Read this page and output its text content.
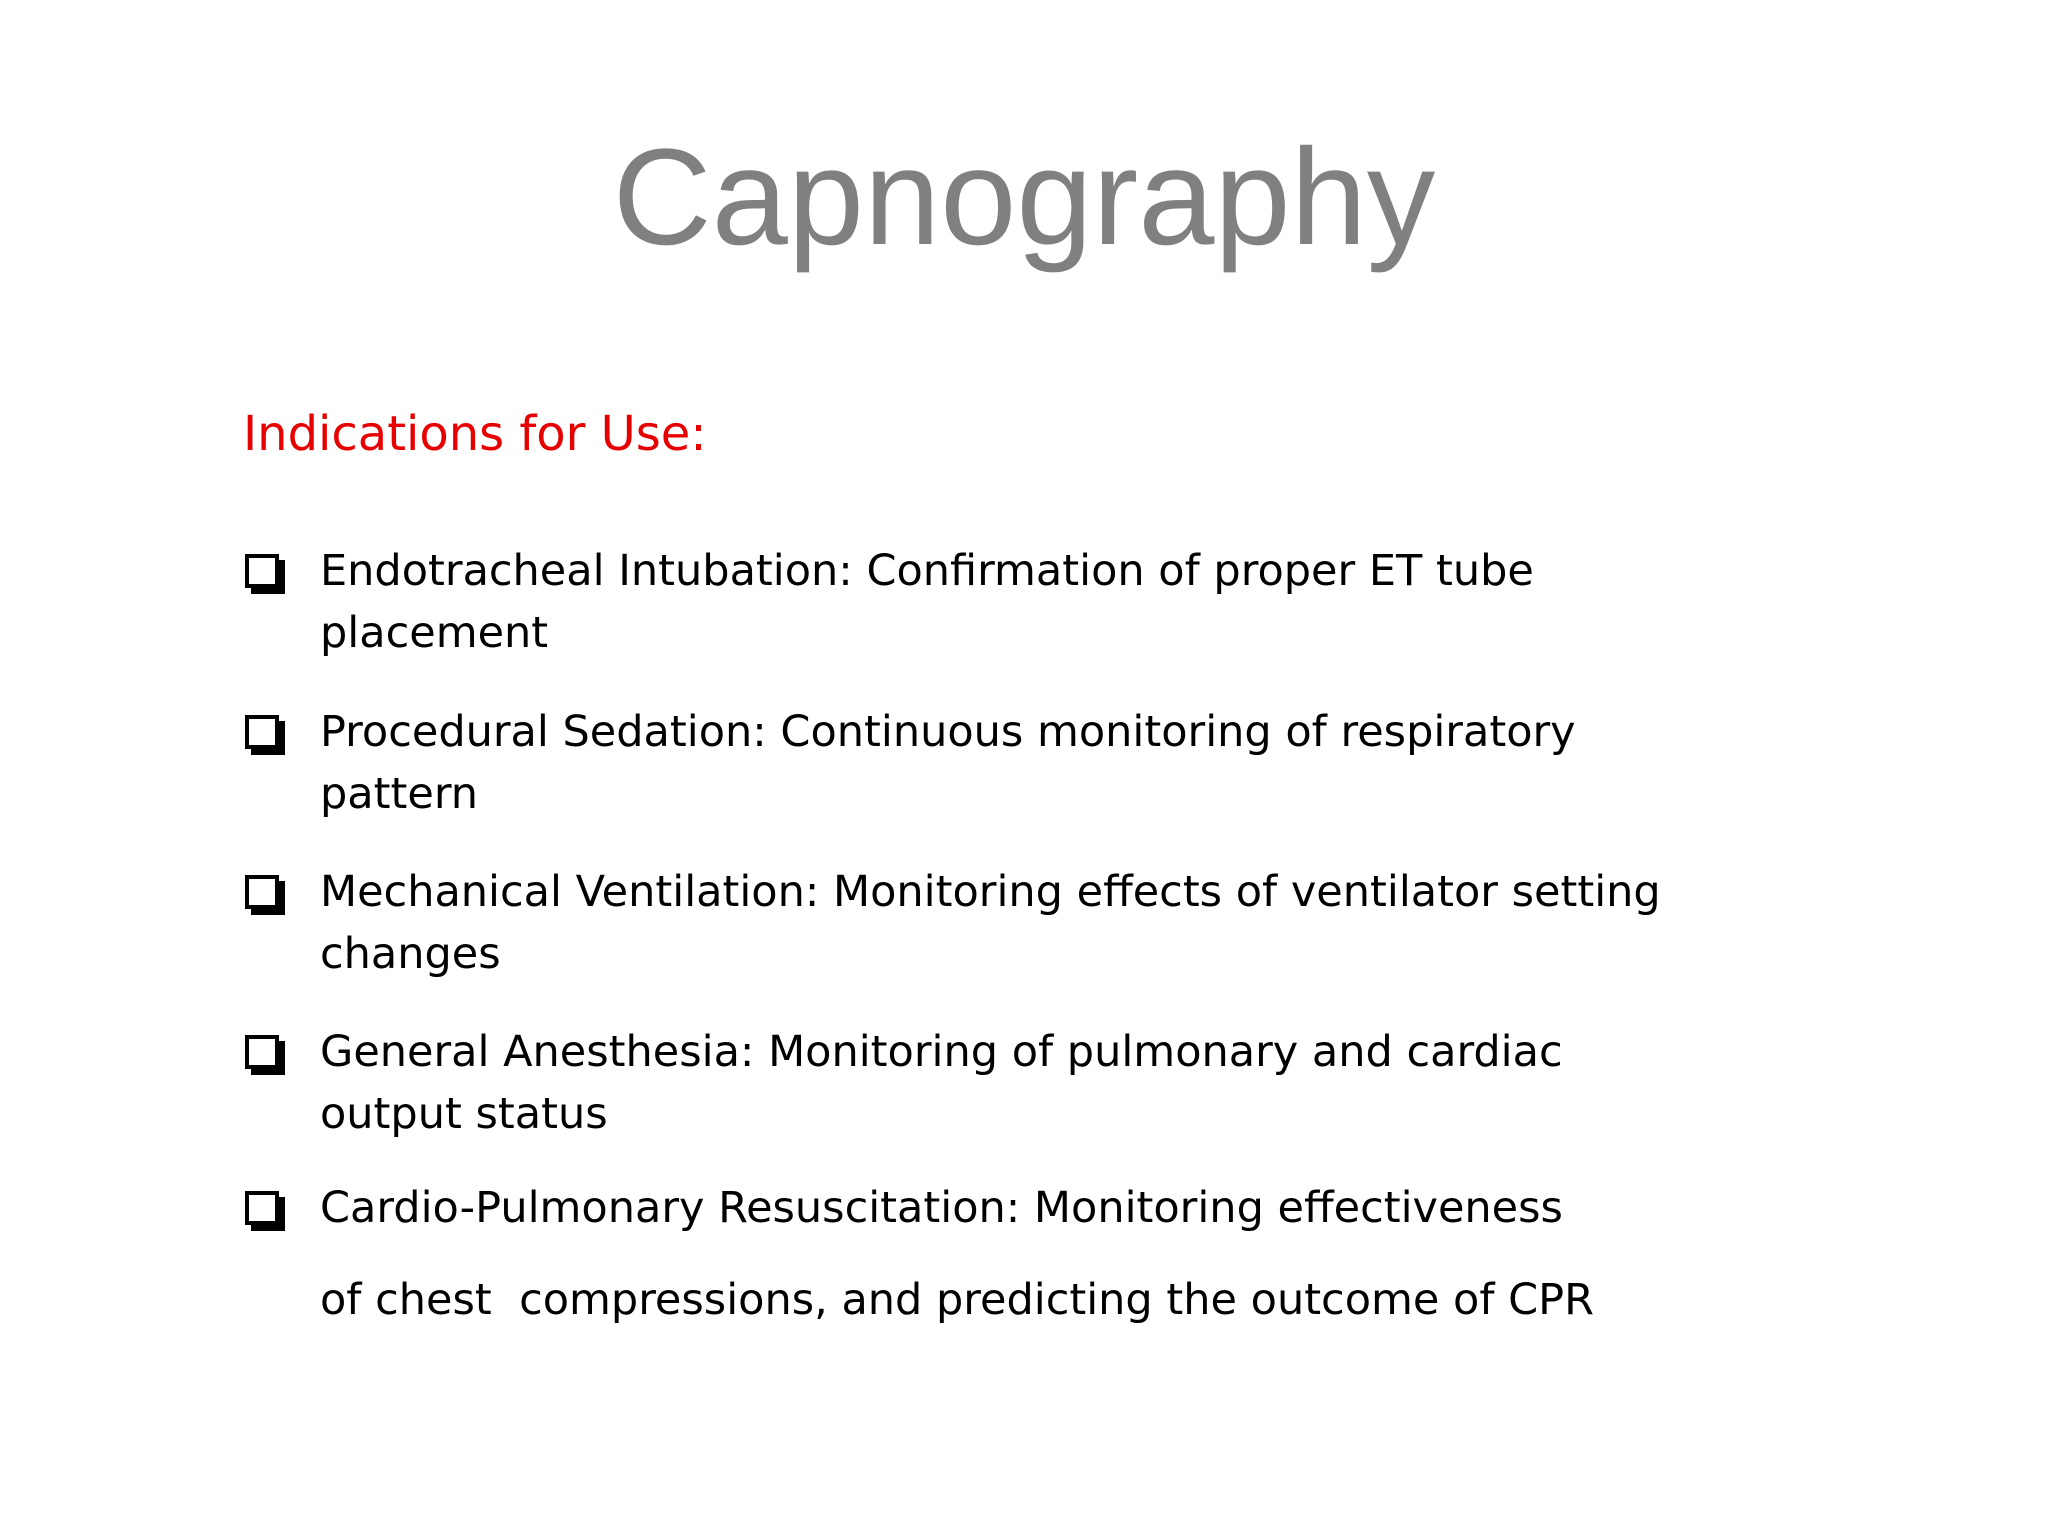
Capnography
Indications for Use:
Endotracheal Intubation: Confirmation of proper ET tube
placement
Procedural Sedation: Continuous monitoring of respiratory
pattern
Mechanical Ventilation: Monitoring effects of ventilator setting
changes
General Anesthesia: Monitoring of pulmonary and cardiac
output status
Cardio-Pulmonary Resuscitation: Monitoring effectiveness
of chest  compressions, and predicting the outcome of CPR
